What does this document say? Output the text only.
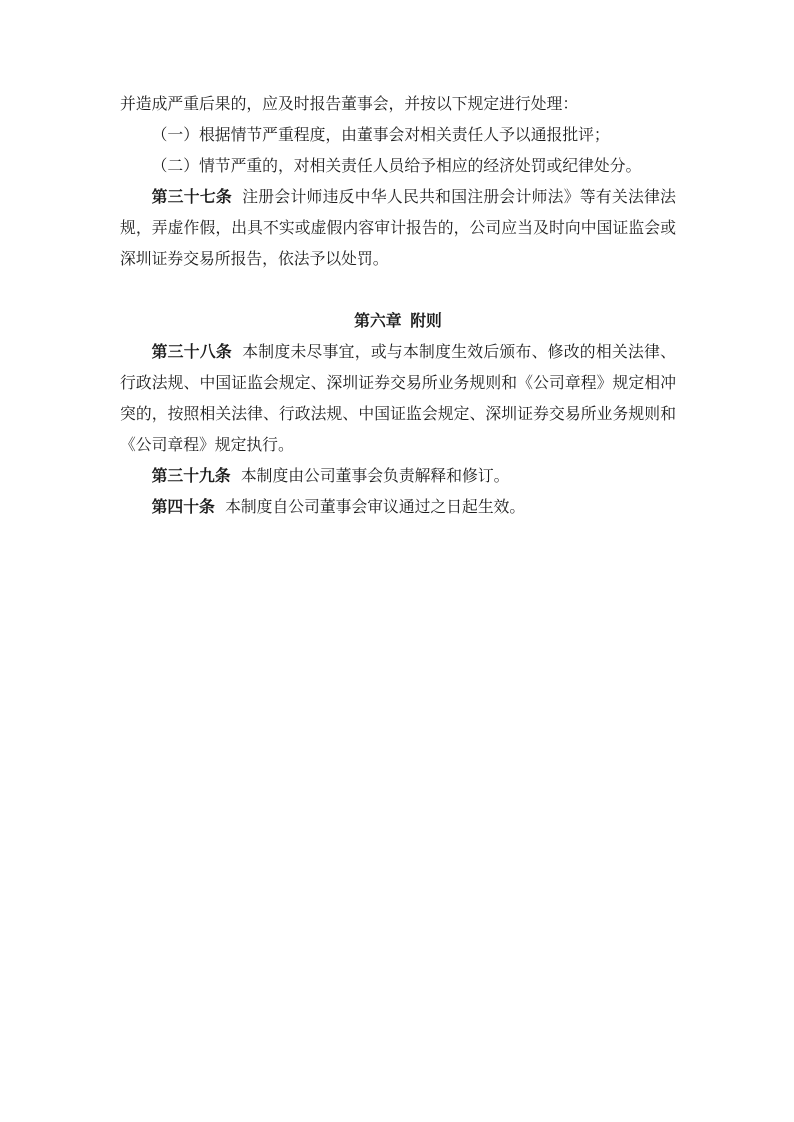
并造成严重后果的，应及时报告董事会，并按以下规定进行处理：

（一）根据情节严重程度，由董事会对相关责任人予以通报批评；

（二）情节严重的，对相关责任人员给予相应的经济处罚或纪律处分。

第三十七条 注册会计师违反中华人民共和国注册会计师法》等有关法律法规，弄虚作假，出具不实或虚假内容审计报告的，公司应当及时向中国证监会或深圳证券交易所报告，依法予以处罚。

第六章 附则

第三十八条 本制度未尽事宜，或与本制度生效后颁布、修改的相关法律、行政法规、中国证监会规定、深圳证券交易所业务规则和《公司章程》规定相冲突的，按照相关法律、行政法规、中国证监会规定、深圳证券交易所业务规则和《公司章程》规定执行。

第三十九条 本制度由公司董事会负责解释和修订。

第四十条 本制度自公司董事会审议通过之日起生效。
